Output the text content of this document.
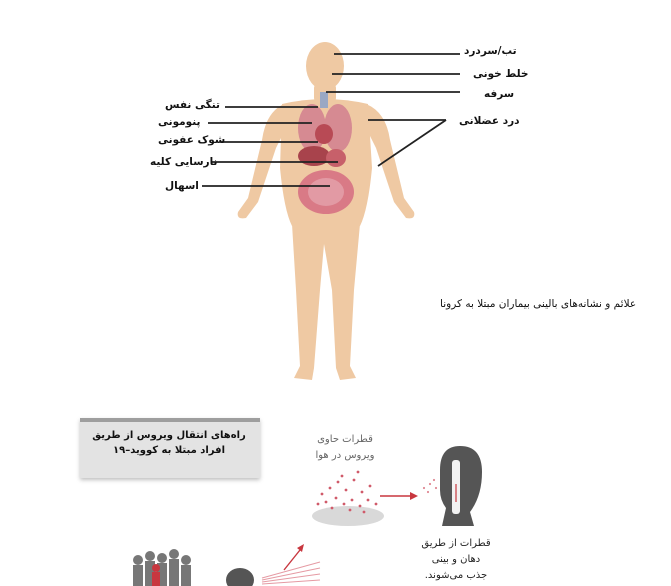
تب/سردرد
خلط خونی
سرفه
درد عضلانی
تنگی نفس
پنومونی
شوک عفونی
نارسایی کلیه
اسهال
علائم و نشانه‌های بالینی بیماران مبتلا به کرونا
راه‌های انتقال ویروس از طریق افراد مبتلا به کووید–۱۹
قطرات حاوی ویروس در هوا
قطرات از طریق دهان و بینی جذب می‌شوند.
